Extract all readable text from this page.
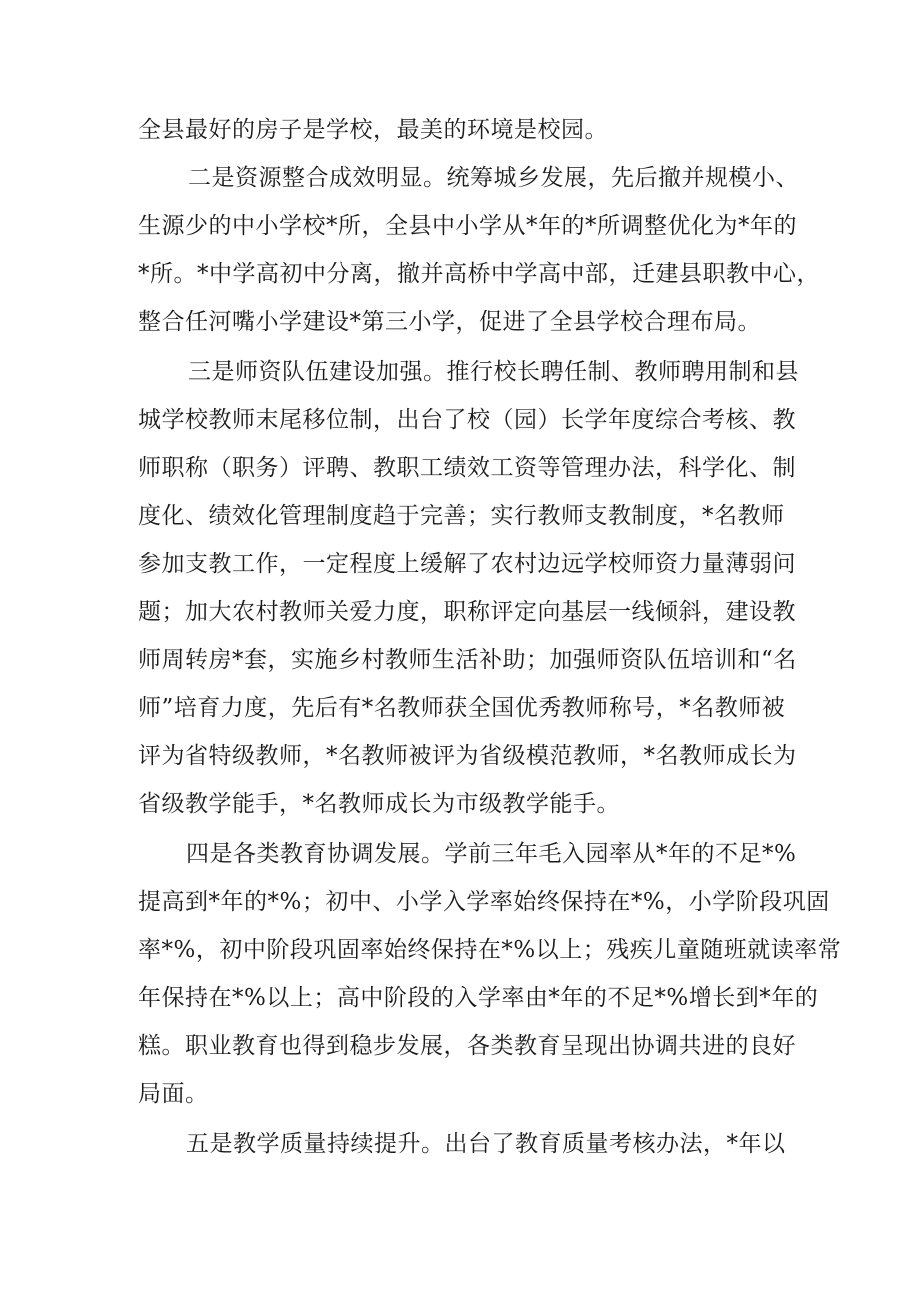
全县最好的房子是学校，最美的环境是校园。
二是资源整合成效明显。统筹城乡发展，先后撤并规模小、
生源少的中小学校*所，全县中小学从*年的*所调整优化为*年的
*所。*中学高初中分离，撤并高桥中学高中部，迁建县职教中心，
整合任河嘴小学建设*第三小学，促进了全县学校合理布局。
三是师资队伍建设加强。推行校长聘任制、教师聘用制和县
城学校教师末尾移位制，出台了校（园）长学年度综合考核、教
师职称（职务）评聘、教职工绩效工资等管理办法，科学化、制
度化、绩效化管理制度趋于完善；实行教师支教制度，*名教师
参加支教工作，一定程度上缓解了农村边远学校师资力量薄弱问
题；加大农村教师关爱力度，职称评定向基层一线倾斜，建设教
师周转房*套，实施乡村教师生活补助；加强师资队伍培训和“名
师”培育力度，先后有*名教师获全国优秀教师称号，*名教师被
评为省特级教师，*名教师被评为省级模范教师，*名教师成长为
省级教学能手，*名教师成长为市级教学能手。
四是各类教育协调发展。学前三年毛入园率从*年的不足*%
提高到*年的*%；初中、小学入学率始终保持在*%，小学阶段巩固
率*%，初中阶段巩固率始终保持在*%以上；残疾儿童随班就读率常
年保持在*%以上；高中阶段的入学率由*年的不足*%增长到*年的
糕。职业教育也得到稳步发展，各类教育呈现出协调共进的良好
局面。
五是教学质量持续提升。出台了教育质量考核办法，*年以
